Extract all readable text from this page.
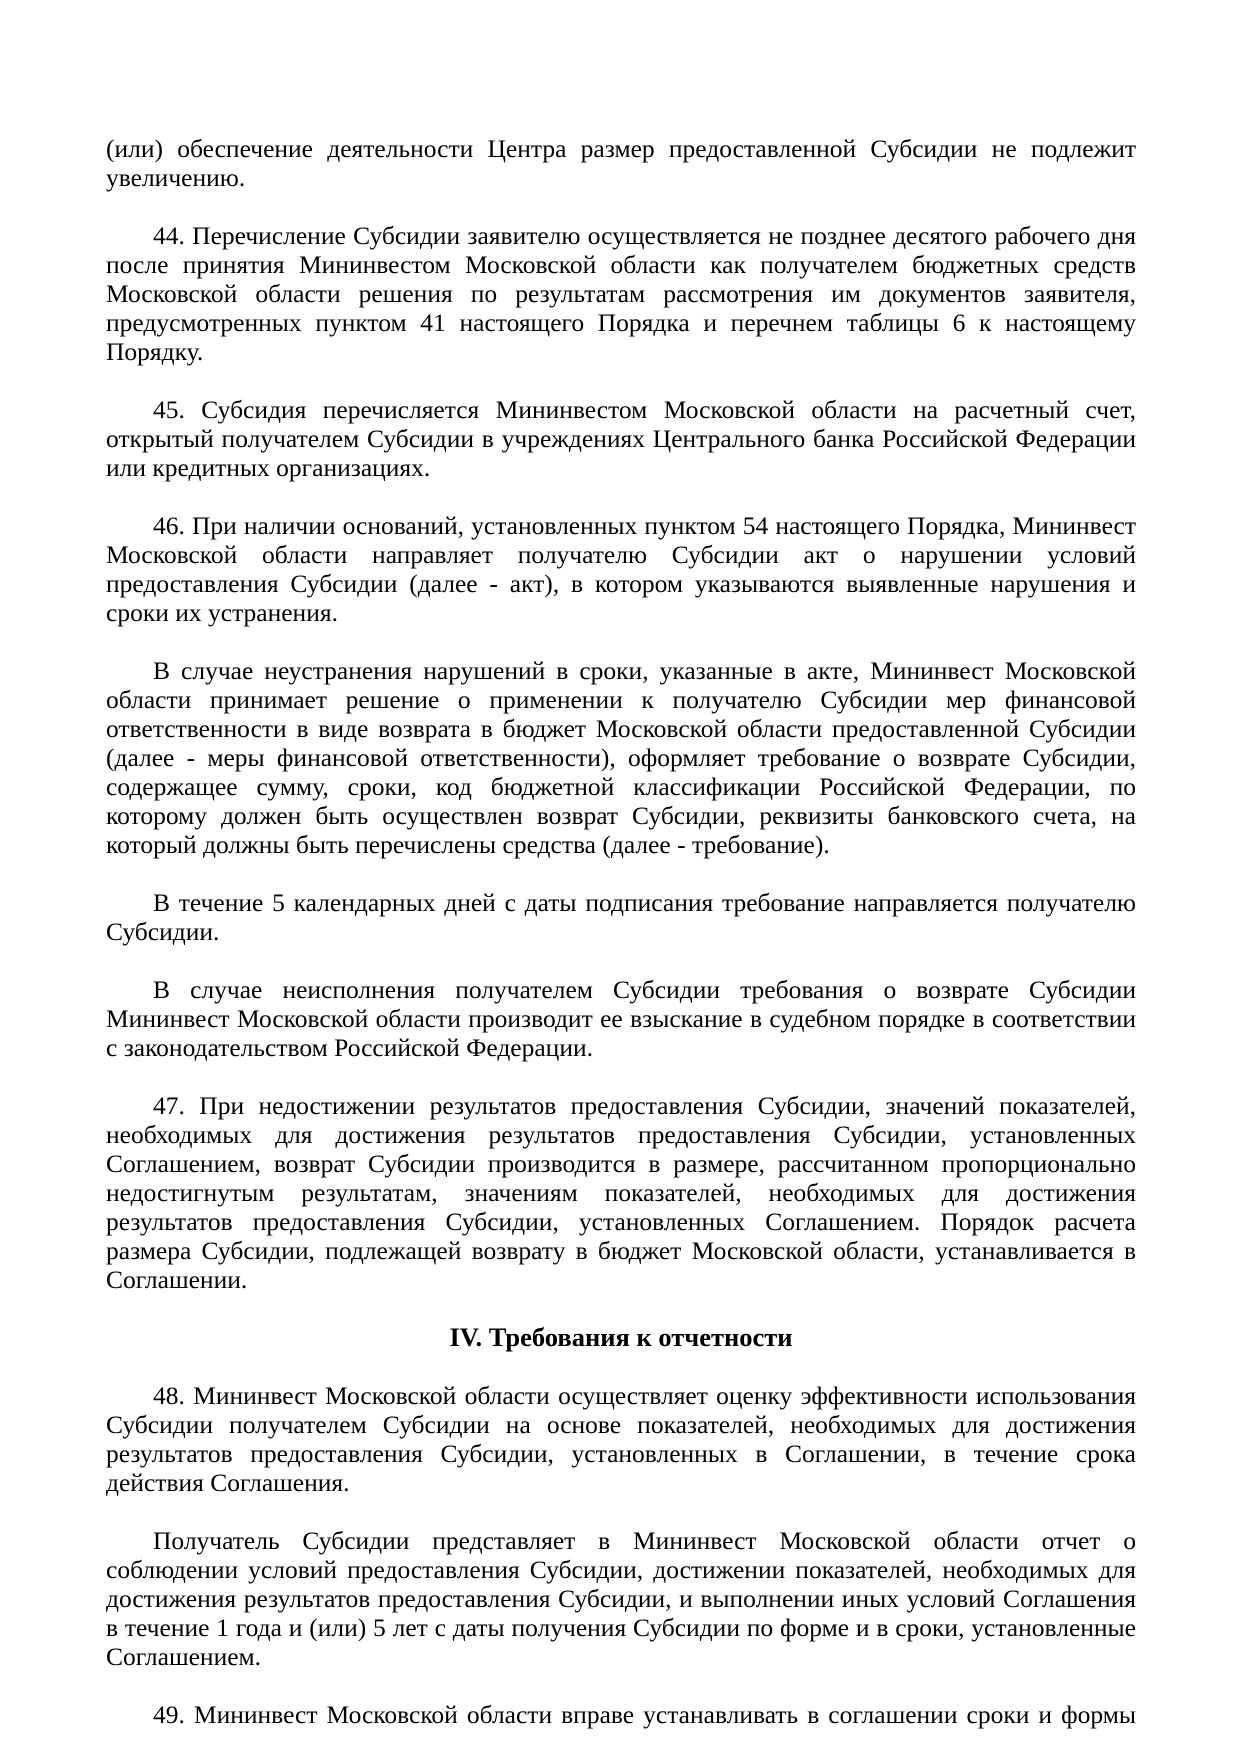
(или) обеспечение деятельности Центра размер предоставленной Субсидии не подлежит увеличению.

44. Перечисление Субсидии заявителю осуществляется не позднее десятого рабочего дня после принятия Мининвестом Московской области как получателем бюджетных средств Московской области решения по результатам рассмотрения им документов заявителя, предусмотренных пунктом 41 настоящего Порядка и перечнем таблицы 6 к настоящему Порядку.

45. Субсидия перечисляется Мининвестом Московской области на расчетный счет, открытый получателем Субсидии в учреждениях Центрального банка Российской Федерации или кредитных организациях.

46. При наличии оснований, установленных пунктом 54 настоящего Порядка, Мининвест Московской области направляет получателю Субсидии акт о нарушении условий предоставления Субсидии (далее - акт), в котором указываются выявленные нарушения и сроки их устранения.

В случае неустранения нарушений в сроки, указанные в акте, Мининвест Московской области принимает решение о применении к получателю Субсидии мер финансовой ответственности в виде возврата в бюджет Московской области предоставленной Субсидии (далее - меры финансовой ответственности), оформляет требование о возврате Субсидии, содержащее сумму, сроки, код бюджетной классификации Российской Федерации, по которому должен быть осуществлен возврат Субсидии, реквизиты банковского счета, на который должны быть перечислены средства (далее - требование).

В течение 5 календарных дней с даты подписания требование направляется получателю Субсидии.

В случае неисполнения получателем Субсидии требования о возврате Субсидии Мининвест Московской области производит ее взыскание в судебном порядке в соответствии с законодательством Российской Федерации.

47. При недостижении результатов предоставления Субсидии, значений показателей, необходимых для достижения результатов предоставления Субсидии, установленных Соглашением, возврат Субсидии производится в размере, рассчитанном пропорционально недостигнутым результатам, значениям показателей, необходимых для достижения результатов предоставления Субсидии, установленных Соглашением. Порядок расчета размера Субсидии, подлежащей возврату в бюджет Московской области, устанавливается в Соглашении.

IV. Требования к отчетности

48. Мининвест Московской области осуществляет оценку эффективности использования Субсидии получателем Субсидии на основе показателей, необходимых для достижения результатов предоставления Субсидии, установленных в Соглашении, в течение срока действия Соглашения.

Получатель Субсидии представляет в Мининвест Московской области отчет о соблюдении условий предоставления Субсидии, достижении показателей, необходимых для достижения результатов предоставления Субсидии, и выполнении иных условий Соглашения в течение 1 года и (или) 5 лет с даты получения Субсидии по форме и в сроки, установленные Соглашением.

49. Мининвест Московской области вправе устанавливать в соглашении сроки и формы
